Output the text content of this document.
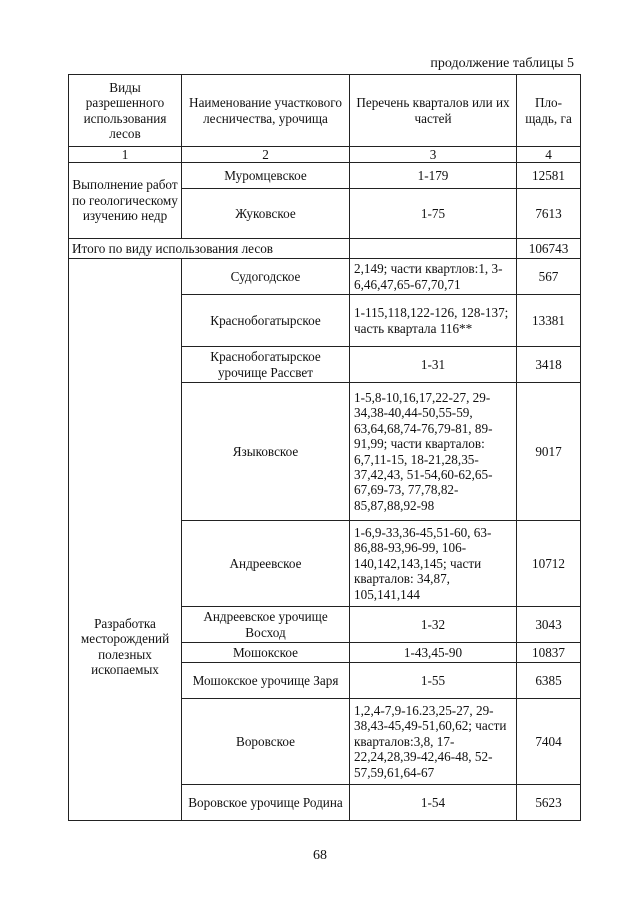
продолжение таблицы 5
Виды разрешенного использования лесов	Наименование участкового лесничества, урочища	Перечень кварталов или их частей	Пло-щадь, га
1	2	3	4
Выполнение работ по геологическому изучению недр	Муромцевское	1-179	12581
	Жуковское	1-75	7613
Итого по виду использования лесов			106743

Разработка месторождений полезных ископаемых	Судогодское	2,149; части квартлов:1, 3-6,46,47,65-67,70,71	567
	Краснобогатырское	1-115,118,122-126, 128-137; часть квартала 116**	13381
	Краснобогатырское урочище Рассвет	1-31	3418
	Языковское	1-5,8-10,16,17,22-27, 29-34,38-40,44-50,55-59, 63,64,68,74-76,79-81, 89-91,99; части кварталов: 6,7,11-15, 18-21,28,35-37,42,43, 51-54,60-62,65-67,69-73, 77,78,82-85,87,88,92-98	9017
	Андреевское	1-6,9-33,36-45,51-60, 63-86,88-93,96-99, 106-140,142,143,145; части кварталов: 34,87, 105,141,144	10712
	Андреевское урочище Восход	1-32	3043
	Мошокское	1-43,45-90	10837
	Мошокское урочище Заря	1-55	6385
	Воровское	1,2,4-7,9-16.23,25-27, 29-38,43-45,49-51,60,62; части кварталов:3,8, 17-22,24,28,39-42,46-48, 52-57,59,61,64-67	7404
	Воровское урочище Родина	1-54	5623
68
